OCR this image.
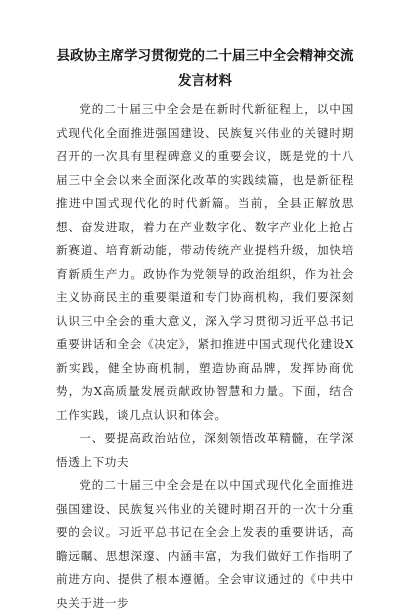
县政协主席学习贯彻党的二十届三中全会精神交流发言材料

党的二十届三中全会是在新时代新征程上，以中国式现代化全面推进强国建设、民族复兴伟业的关键时期召开的一次具有里程碑意义的重要会议，既是党的十八届三中全会以来全面深化改革的实践续篇，也是新征程推进中国式现代化的时代新篇。当前，全县正解放思想、奋发进取，着力在产业数字化、数字产业化上抢占新赛道、培育新动能，带动传统产业提档升级，加快培育新质生产力。政协作为党领导的政治组织，作为社会主义协商民主的重要渠道和专门协商机构，我们要深刻认识三中全会的重大意义，深入学习贯彻习近平总书记重要讲话和全会《决定》，紧扣推进中国式现代化建设X新实践，健全协商机制，塑造协商品牌，发挥协商优势，为X高质量发展贡献政协智慧和力量。下面，结合工作实践，谈几点认识和体会。

一、要提高政治站位，深刻领悟改革精髓，在学深悟透上下功夫

党的二十届三中全会是在以中国式现代化全面推进强国建设、民族复兴伟业的关键时期召开的一次十分重要的会议。习近平总书记在全会上发表的重要讲话，高瞻远瞩、思想深邃、内涵丰富，为我们做好工作指明了前进方向、提供了根本遵循。全会审议通过的《中共中央关于进一步
